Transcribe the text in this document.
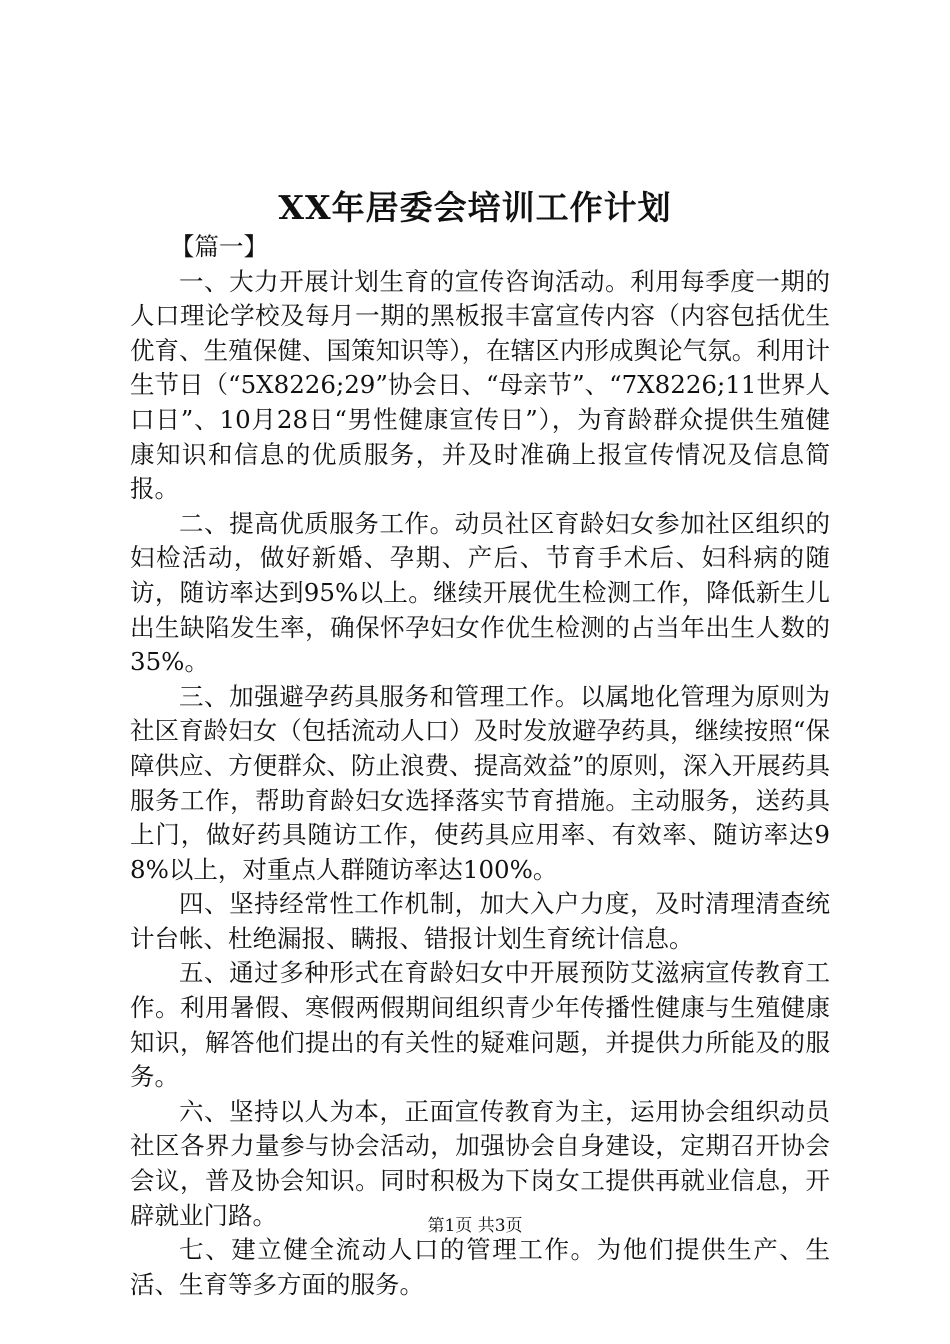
XX年居委会培训工作计划

【篇一】

一、大力开展计划生育的宣传咨询活动。利用每季度一期的人口理论学校及每月一期的黑板报丰富宣传内容（内容包括优生优育、生殖保健、国策知识等），在辖区内形成舆论气氛。利用计生节日（“5X8226;29”协会日、“母亲节”、“7X8226;11世界人口日”、10月28日“男性健康宣传日”），为育龄群众提供生殖健康知识和信息的优质服务，并及时准确上报宣传情况及信息简报。

二、提高优质服务工作。动员社区育龄妇女参加社区组织的妇检活动，做好新婚、孕期、产后、节育手术后、妇科病的随访，随访率达到95%以上。继续开展优生检测工作，降低新生儿出生缺陷发生率，确保怀孕妇女作优生检测的占当年出生人数的35%。

三、加强避孕药具服务和管理工作。以属地化管理为原则为社区育龄妇女（包括流动人口）及时发放避孕药具，继续按照“保障供应、方便群众、防止浪费、提高效益”的原则，深入开展药具服务工作，帮助育龄妇女选择落实节育措施。主动服务，送药具上门，做好药具随访工作，使药具应用率、有效率、随访率达98%以上，对重点人群随访率达100%。

四、坚持经常性工作机制，加大入户力度，及时清理清查统计台帐、杜绝漏报、瞒报、错报计划生育统计信息。

五、通过多种形式在育龄妇女中开展预防艾滋病宣传教育工作。利用暑假、寒假两假期间组织青少年传播性健康与生殖健康知识，解答他们提出的有关性的疑难问题，并提供力所能及的服务。

六、坚持以人为本，正面宣传教育为主，运用协会组织动员社区各界力量参与协会活动，加强协会自身建设，定期召开协会会议，普及协会知识。同时积极为下岗女工提供再就业信息，开辟就业门路。

七、建立健全流动人口的管理工作。为他们提供生产、生活、生育等多方面的服务。

第1页 共3页
